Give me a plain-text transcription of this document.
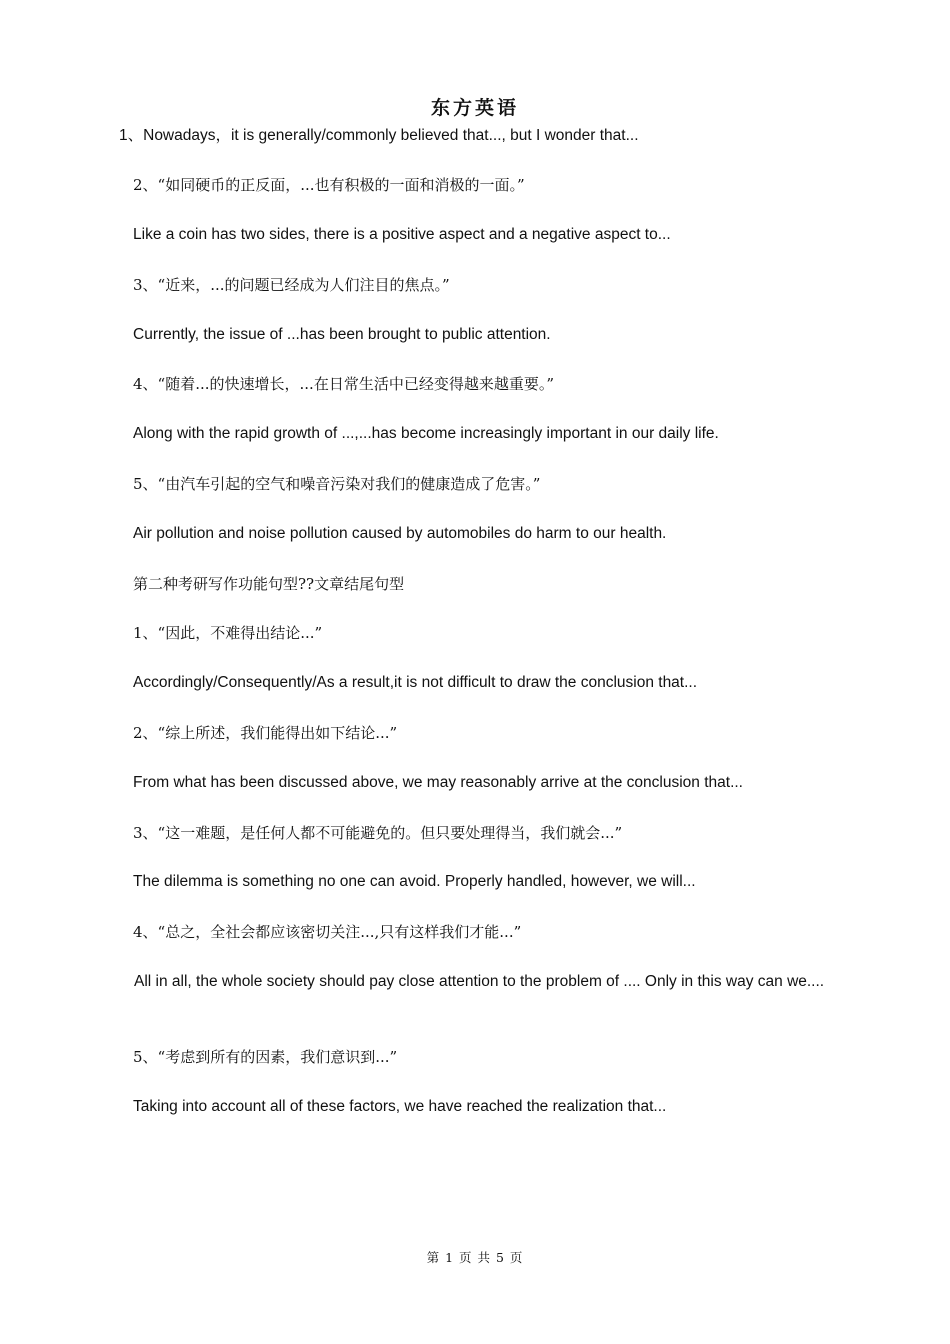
东方英语
1、Nowadays，it is generally/commonly believed that..., but I wonder that...
2、“如同硬币的正反面，...也有积极的一面和消极的一面。”
Like a coin has two sides, there is a positive aspect and a negative aspect to...
3、“近来，...的问题已经成为人们注目的焦点。”
Currently, the issue of ...has been brought to public attention.
4、“随着...的快速增长，...在日常生活中已经变得越来越重要。”
Along with the rapid growth of ...,...has become increasingly important in our daily life.
5、“由汽车引起的空气和噪音污染对我们的健康造成了危害。”
Air pollution and noise pollution caused by automobiles do harm to our health.
第二种考研写作功能句型??文章结尾句型
1、“因此，不难得出结论...”
Accordingly/Consequently/As a result,it is not difficult to draw the conclusion that...
2、“综上所述，我们能得出如下结论...”
From what has been discussed above, we may reasonably arrive at the conclusion that...
3、“这一难题，是任何人都不可能避免的。但只要处理得当，我们就会...”
The dilemma is something no one can avoid. Properly handled, however, we will...
4、“总之，全社会都应该密切关注...,只有这样我们才能...”
All in all, the whole society should pay close attention to the problem of .... Only in this way can we....
5、“考虑到所有的因素，我们意识到...”
Taking into account all of these factors, we have reached the realization that...
第 1 页 共 5 页
